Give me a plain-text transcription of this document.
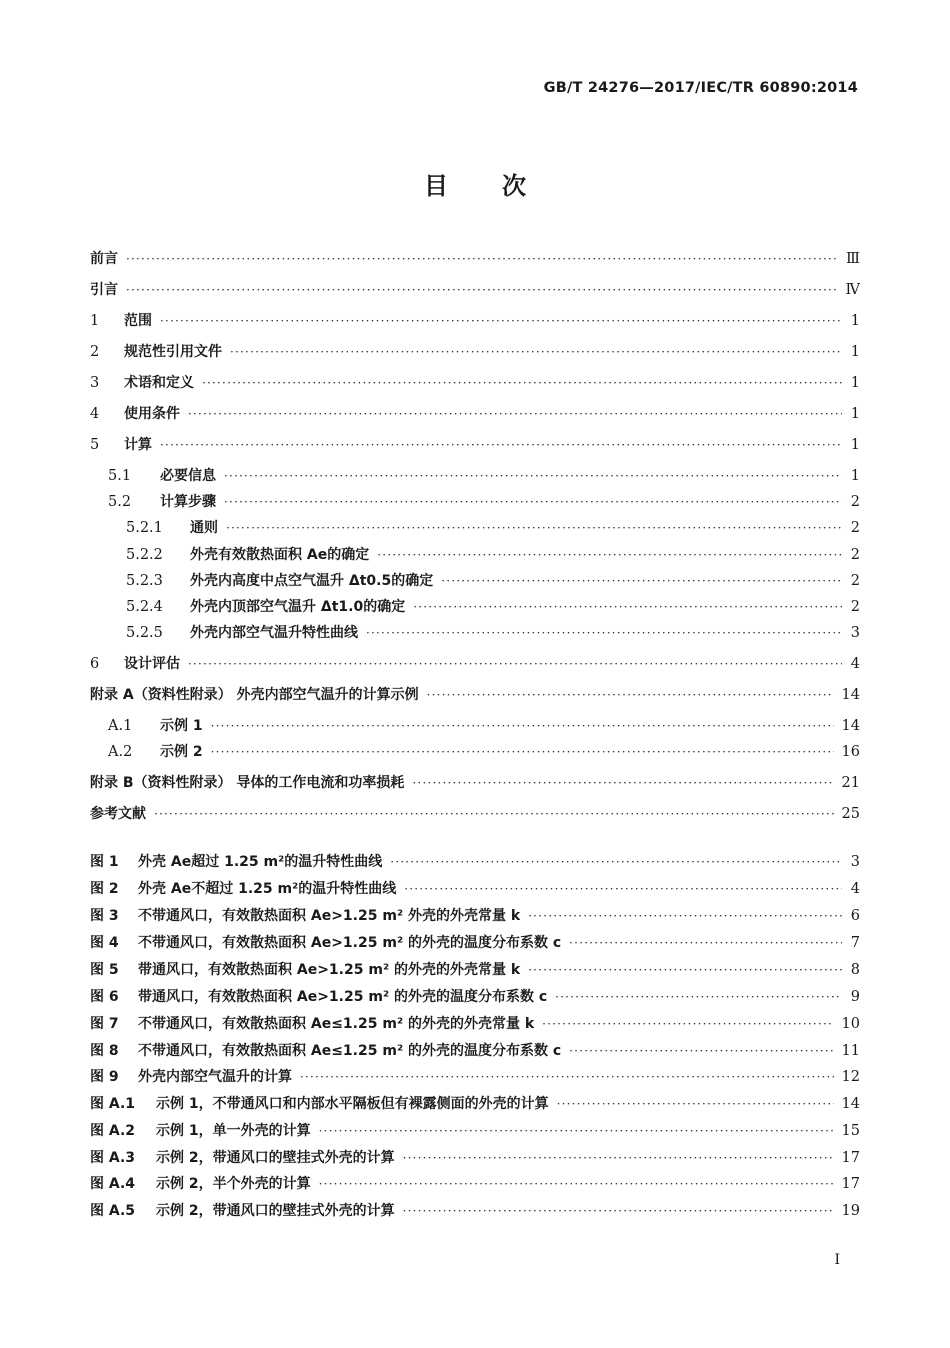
GB/T 24276—2017/IEC/TR 60890:2014
目 次
前言 ·····	Ⅲ
引言 ·····	Ⅳ
1	范围 ·····	1
2	规范性引用文件 ·····	1
3	术语和定义 ·····	1
4	使用条件 ·····	1
5	计算 ·····	1
5.1	必要信息 ·····	1
5.2	计算步骤 ·····	2
5.2.1	通则 ·····	2
5.2.2	外壳有效散热面积 Ae的确定 ·····	2
5.2.3	外壳内高度中点空气温升 Δt0.5的确定 ·····	2
5.2.4	外壳内顶部空气温升 Δt1.0的确定 ·····	2
5.2.5	外壳内部空气温升特性曲线 ·····	3
6	设计评估 ·····	4
附录 A（资料性附录） 外壳内部空气温升的计算示例 ·····	14
A.1	示例 1 ·····	14
A.2	示例 2 ·····	16
附录 B（资料性附录） 导体的工作电流和功率损耗 ·····	21
参考文献 ·····	25
图 1	外壳 Ae超过 1.25 m²的温升特性曲线 ·····	3
图 2	外壳 Ae不超过 1.25 m²的温升特性曲线 ·····	4
图 3	不带通风口，有效散热面积 Ae>1.25 m² 外壳的外壳常量 k ·····	6
图 4	不带通风口，有效散热面积 Ae>1.25 m² 的外壳的温度分布系数 c ·····	7
图 5	带通风口，有效散热面积 Ae>1.25 m² 的外壳的外壳常量 k ·····	8
图 6	带通风口，有效散热面积 Ae>1.25 m² 的外壳的温度分布系数 c ·····	9
图 7	不带通风口，有效散热面积 Ae≤1.25 m² 的外壳的外壳常量 k ·····	10
图 8	不带通风口，有效散热面积 Ae≤1.25 m² 的外壳的温度分布系数 c ·····	11
图 9	外壳内部空气温升的计算 ·····	12
图 A.1	示例 1，不带通风口和内部水平隔板但有裸露侧面的外壳的计算 ·····	14
图 A.2	示例 1，单一外壳的计算 ·····	15
图 A.3	示例 2，带通风口的壁挂式外壳的计算 ·····	17
图 A.4	示例 2，半个外壳的计算 ·····	17
图 A.5	示例 2，带通风口的壁挂式外壳的计算 ·····	19
I
